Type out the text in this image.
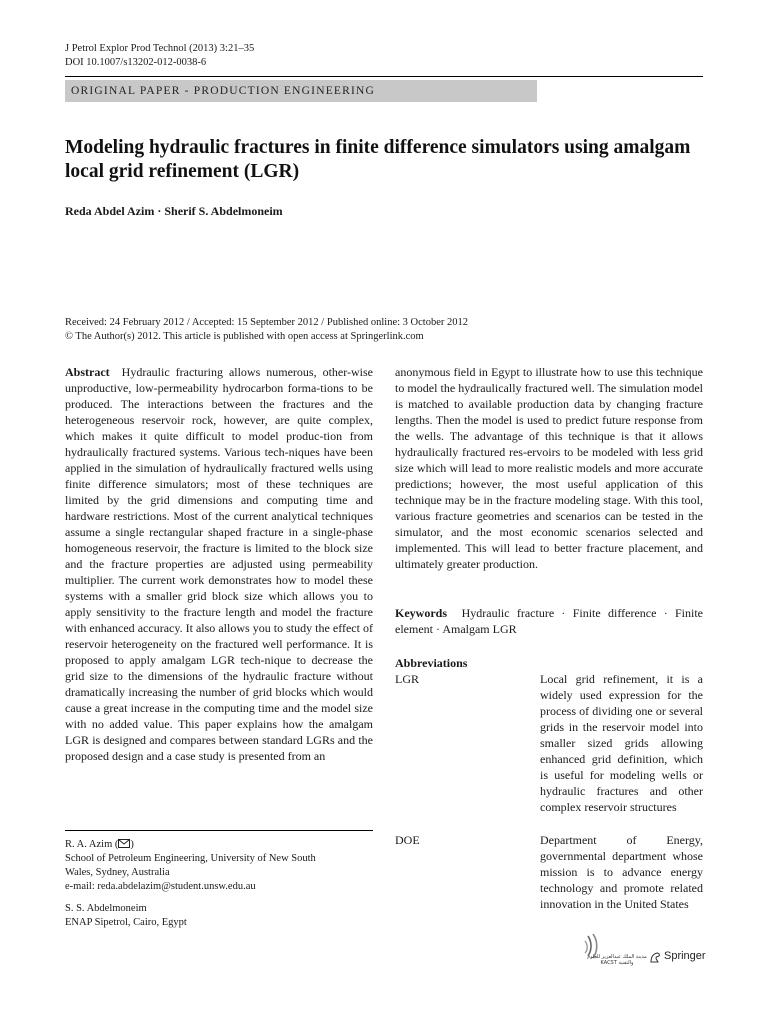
J Petrol Explor Prod Technol (2013) 3:21–35
DOI 10.1007/s13202-012-0038-6
ORIGINAL PAPER - PRODUCTION ENGINEERING
Modeling hydraulic fractures in finite difference simulators using amalgam local grid refinement (LGR)
Reda Abdel Azim · Sherif S. Abdelmoneim
Received: 24 February 2012 / Accepted: 15 September 2012 / Published online: 3 October 2012
© The Author(s) 2012. This article is published with open access at Springerlink.com
Abstract Hydraulic fracturing allows numerous, other-wise unproductive, low-permeability hydrocarbon forma-tions to be produced. The interactions between the fractures and the heterogeneous reservoir rock, however, are quite complex, which makes it quite difficult to model produc-tion from hydraulically fractured systems. Various tech-niques have been applied in the simulation of hydraulically fractured wells using finite difference simulators; most of these techniques are limited by the grid dimensions and computing time and hardware restrictions. Most of the current analytical techniques assume a single rectangular shaped fracture in a single-phase homogeneous reservoir, the fracture is limited to the block size and the fracture properties are adjusted using permeability multiplier. The current work demonstrates how to model these systems with a smaller grid block size which allows you to apply sensitivity to the fracture length and model the fracture with enhanced accuracy. It also allows you to study the effect of reservoir heterogeneity on the fractured well performance. It is proposed to apply amalgam LGR tech-nique to decrease the grid size to the dimensions of the hydraulic fracture without dramatically increasing the number of grid blocks which would cause a great increase in the computing time and the model size with no added value. This paper explains how the amalgam LGR is designed and compares between standard LGRs and the proposed design and a case study is presented from an
anonymous field in Egypt to illustrate how to use this technique to model the hydraulically fractured well. The simulation model is matched to available production data by changing fracture lengths. Then the model is used to predict future response from the wells. The advantage of this technique is that it allows hydraulically fractured res-ervoirs to be modeled with less grid size which will lead to more realistic models and more accurate predictions; however, the most useful application of this technique may be in the fracture modeling stage. With this tool, various fracture geometries and scenarios can be tested in the simulator, and the most economic scenarios selected and implemented. This will lead to better fracture placement, and ultimately greater production.
Keywords Hydraulic fracture · Finite difference · Finite element · Amalgam LGR
Abbreviations
LGR	Local grid refinement, it is a widely used expression for the process of dividing one or several grids in the reservoir model into smaller sized grids allowing enhanced grid definition, which is useful for modeling wells or hydraulic fractures and other complex reservoir structures
DOE	Department of Energy, governmental department whose mission is to advance energy technology and promote related innovation in the United States
R. A. Azim ( )
School of Petroleum Engineering, University of New South
Wales, Sydney, Australia
e-mail: reda.abdelazim@student.unsw.edu.au
S. S. Abdelmoneim
ENAP Sipetrol, Cairo, Egypt
مدينة الملك عبدالعزيز للعلوم والتقنية KACST
Springer
